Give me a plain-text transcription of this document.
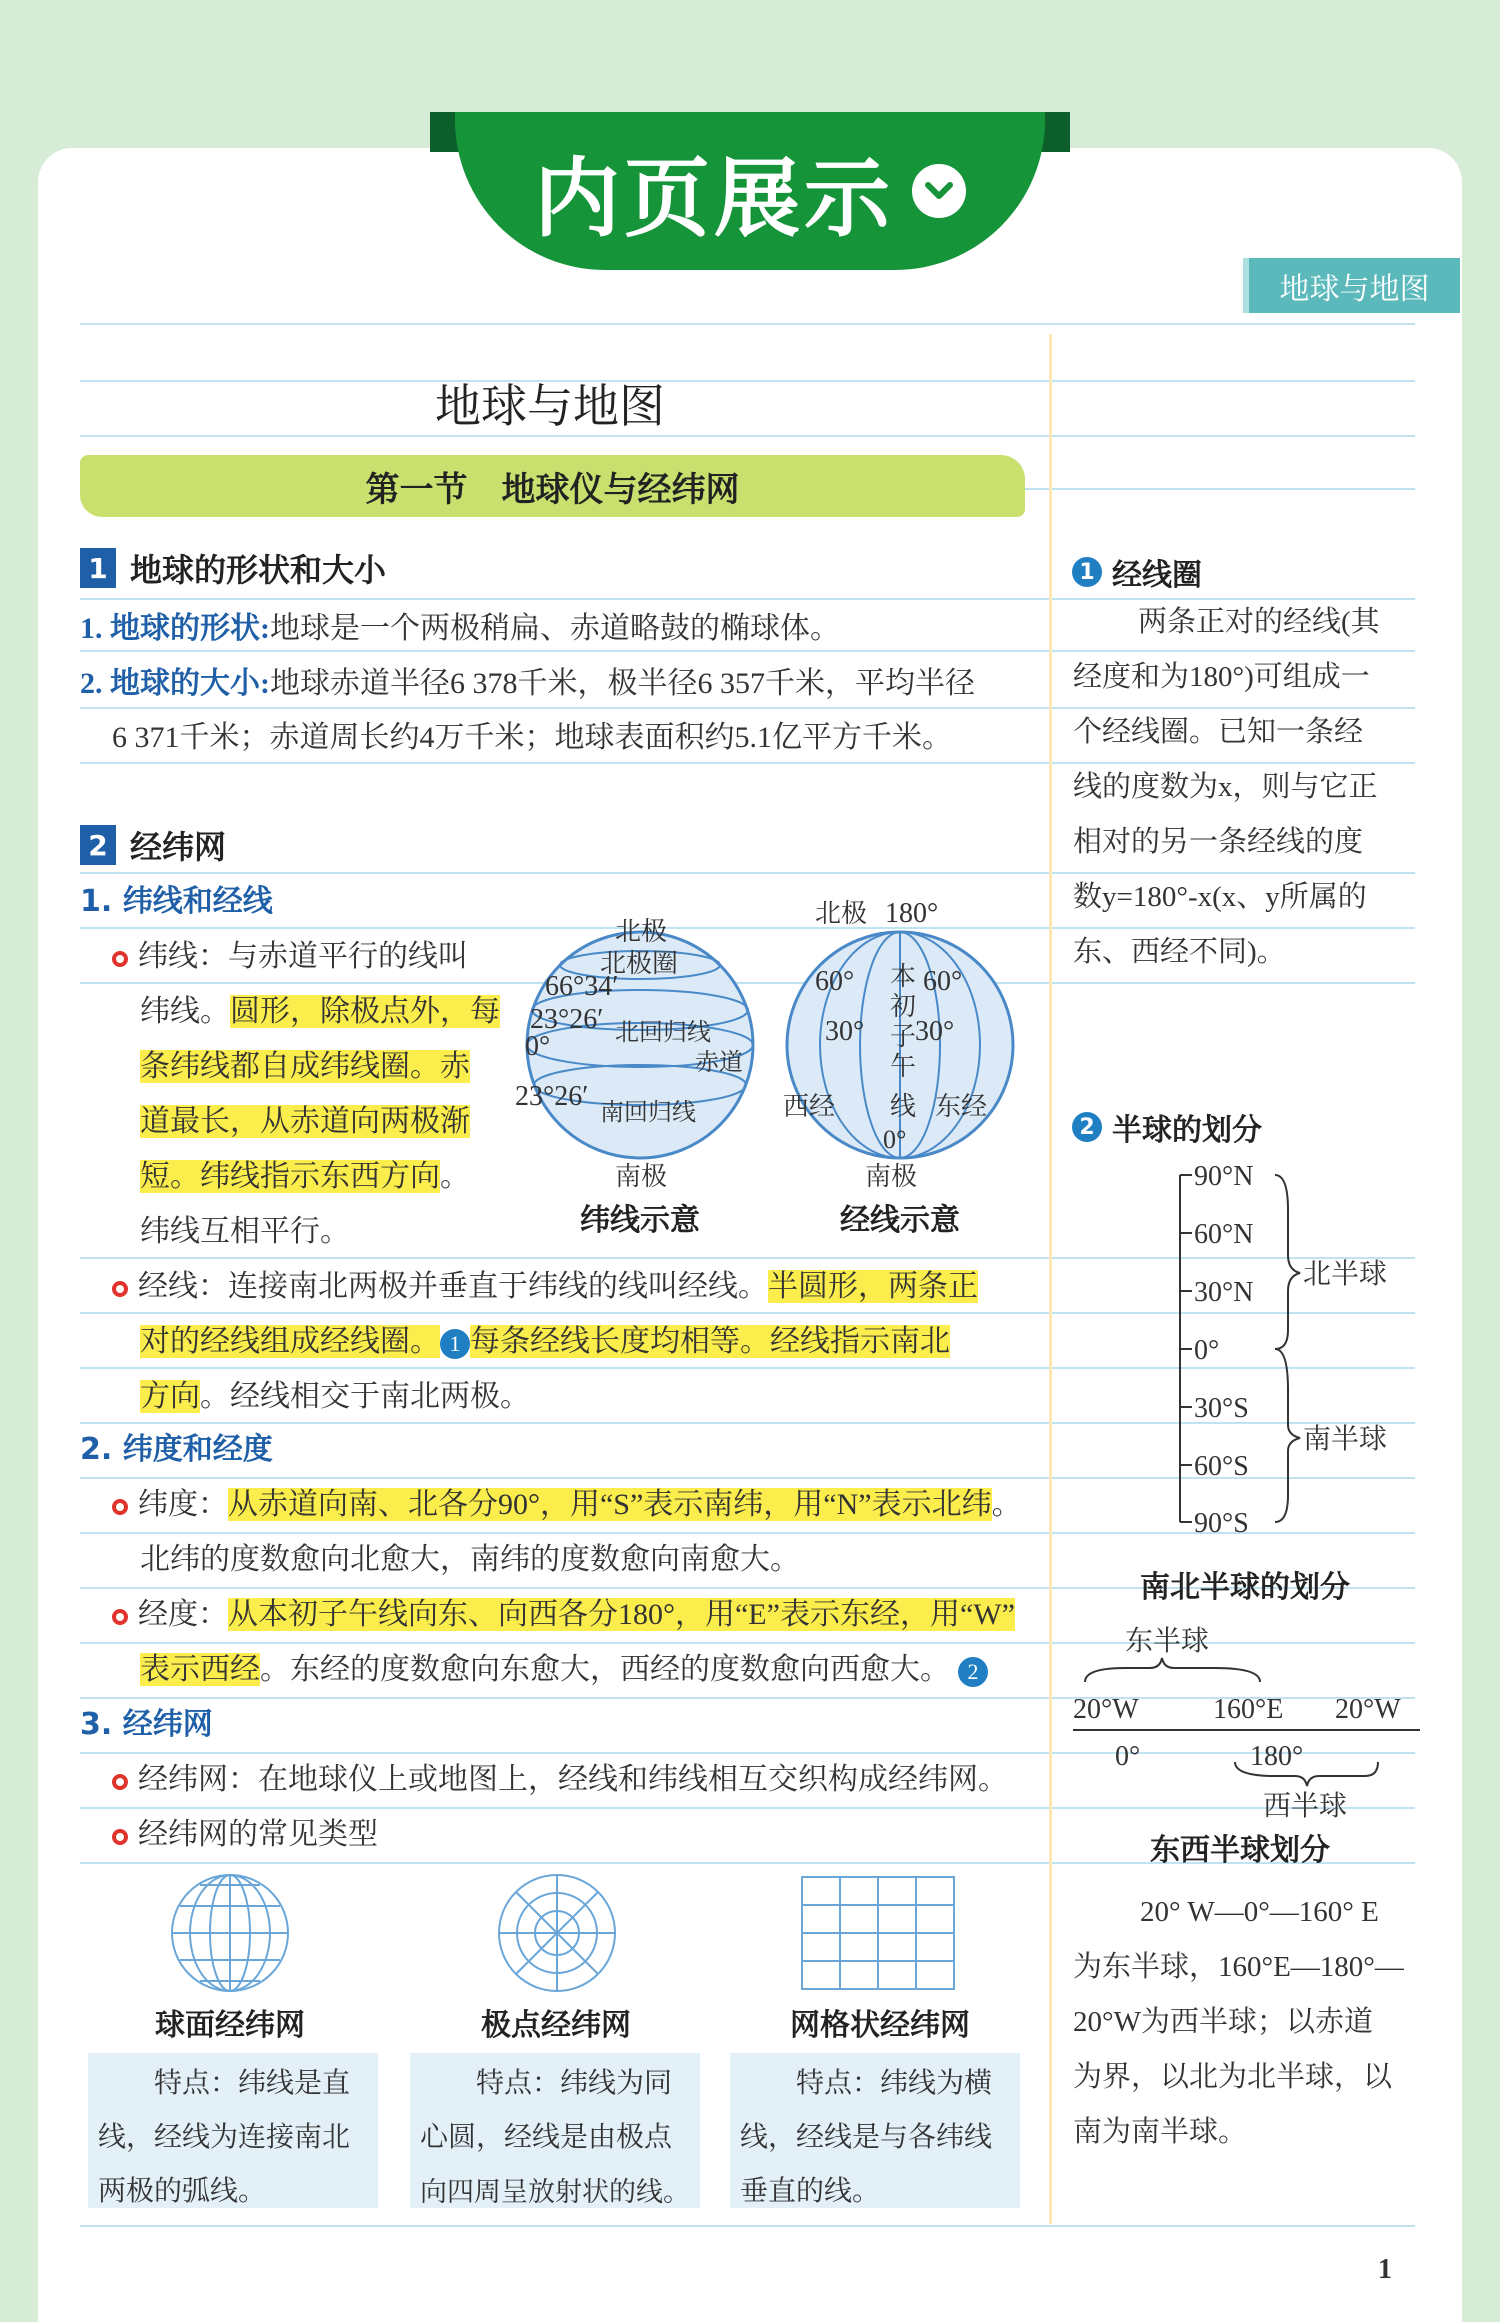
内页展示
地球与地图
地球与地图
第一节　地球仪与经纬网
1 地球的形状和大小
1. 地球的形状:地球是一个两极稍扁、赤道略鼓的椭球体。
2. 地球的大小:地球赤道半径6 378千米，极半径6 357千米，平均半径
6 371千米；赤道周长约4万千米；地球表面积约5.1亿平方千米。
2 经纬网
1. 纬线和经线
纬线：与赤道平行的线叫
纬线。圆形，除极点外，每
条纬线都自成纬线圈。赤
道最长，从赤道向两极渐
短。纬线指示东西方向。
纬线互相平行。
北极
北极圈
66°34′
23°26′
0°	北回归线
赤道
23°26′
南回归线
南极
纬线示意
北极 180°
60° 60°
30° 30°
本
初
子
午
线
西经	东经
0°
南极
经线示意
经线：连接南北两极并垂直于纬线的线叫经线。半圆形，两条正
对的经线组成经线圈。 1 每条经线长度均相等。经线指示南北
方向。经线相交于南北两极。
2. 纬度和经度
纬度：从赤道向南、北各分90°，用“S”表示南纬，用“N”表示北纬。
北纬的度数愈向北愈大，南纬的度数愈向南愈大。
经度：从本初子午线向东、向西各分180°，用“E”表示东经，用“W”
表示西经。东经的度数愈向东愈大，西经的度数愈向西愈大。 2
3. 经纬网
经纬网：在地球仪上或地图上，经线和纬线相互交织构成经纬网。
经纬网的常见类型
球面经纬网	极点经纬网	网格状经纬网
特点：纬线是直
线，经线为连接南北
两极的弧线。
特点：纬线为同
心圆，经线是由极点
向四周呈放射状的线。
特点：纬线为横
线，经线是与各纬线
垂直的线。
1 经线圈
两条正对的经线(其
经度和为180°)可组成一
个经线圈。已知一条经
线的度数为x，则与它正
相对的另一条经线的度
数y=180°-x(x、y所属的
东、西经不同)。
2 半球的划分
90°N
60°N
30°N
0°
30°S
60°S
90°S
北半球
南半球
南北半球的划分
东半球
20°W	160°E 20°W
0°	180°
西半球
东西半球划分
20° W—0°—160° E
为东半球，160°E—180°—
20°W为西半球；以赤道
为界，以北为北半球，以
南为南半球。
1
